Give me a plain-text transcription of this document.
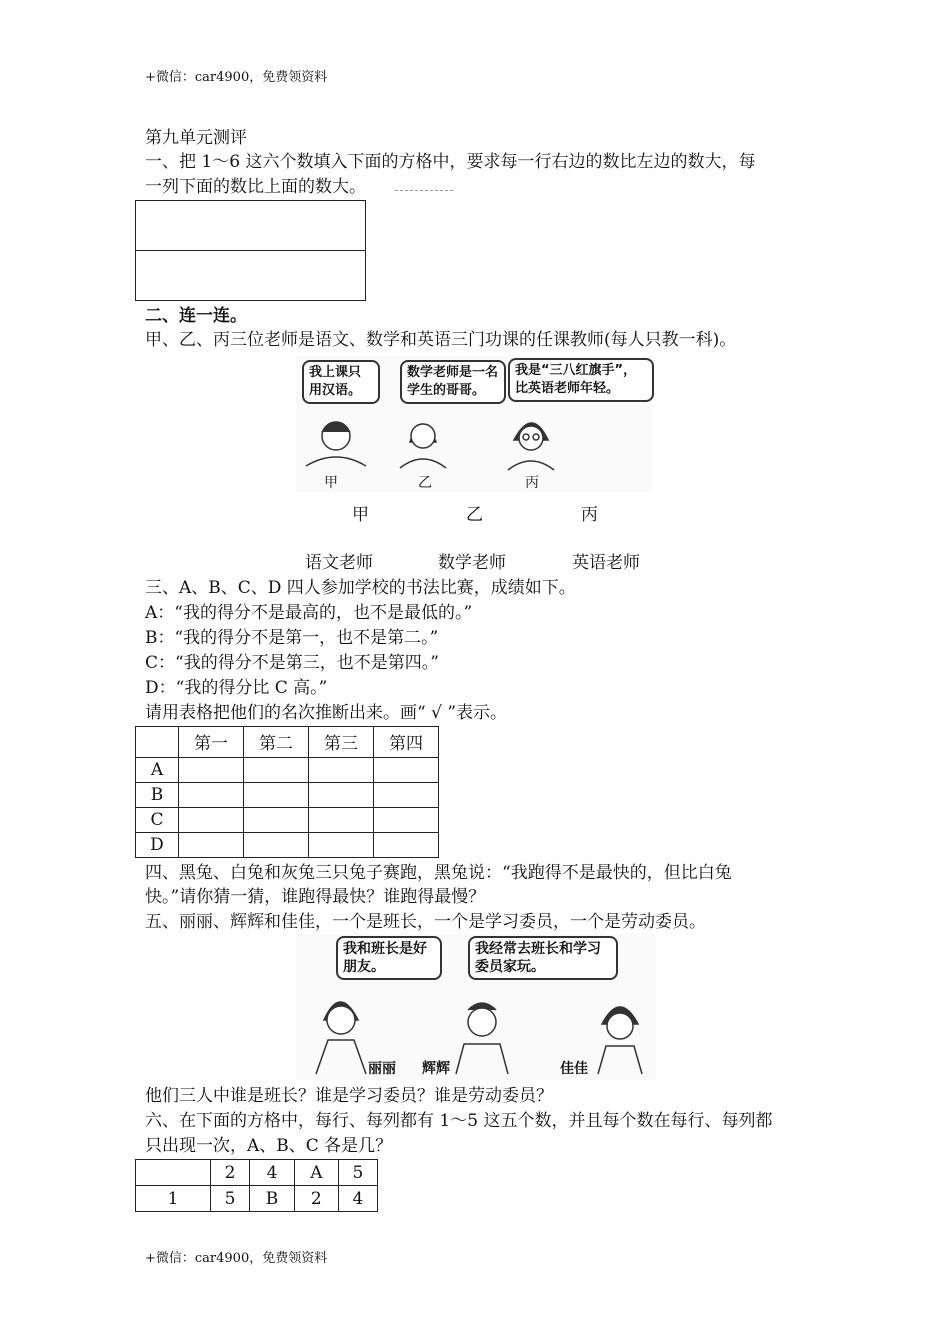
+微信：car4900，免费领资料
第九单元测评
一、把 1～6 这六个数填入下面的方格中，要求每一行右边的数比左边的数大，每
一列下面的数比上面的数大。

二、连一连。
甲、乙、丙三位老师是语文、数学和英语三门功课的任课教师(每人只教一科)。
我上课只用汉语。
数学老师是一名学生的哥哥。
我是“三八红旗手”，比英语老师年轻。
甲	乙	丙
甲	乙	丙
语文老师	数学老师	英语老师
三、A、B、C、D 四人参加学校的书法比赛，成绩如下。
A：“我的得分不是最高的，也不是最低的。”
B：“我的得分不是第一，也不是第二。”
C：“我的得分不是第三，也不是第四。”
D：“我的得分比 C 高。”
请用表格把他们的名次推断出来。画“ √ ”表示。
	第一	第二	第三	第四
A				
B				
C				
D				
四、黑兔、白兔和灰兔三只兔子赛跑，黑兔说：“我跑得不是最快的，但比白兔
快。”请你猜一猜，谁跑得最快？谁跑得最慢？
五、丽丽、辉辉和佳佳，一个是班长，一个是学习委员，一个是劳动委员。
我和班长是好朋友。
我经常去班长和学习委员家玩。
丽丽 辉辉	佳佳
他们三人中谁是班长？谁是学习委员？谁是劳动委员？
六、在下面的方格中，每行、每列都有 1～5 这五个数，并且每个数在每行、每列都
只出现一次，A、B、C 各是几？
	2	4	A	5
1	5	B	2	4
+微信：car4900，免费领资料
